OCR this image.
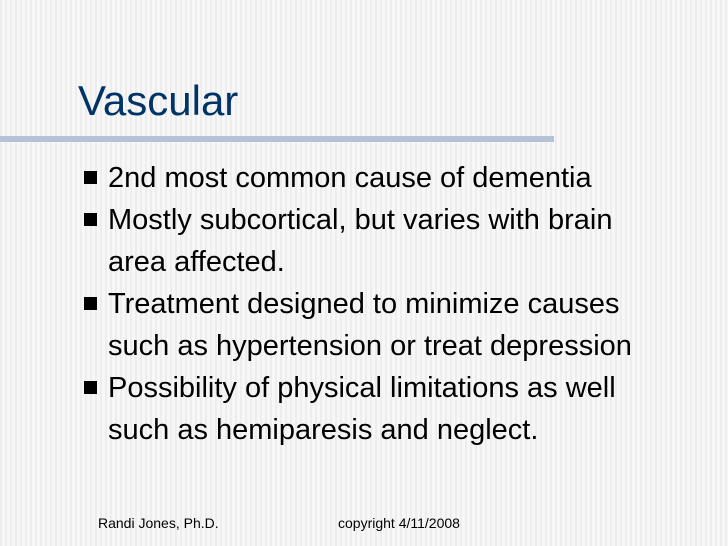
Vascular
2nd most common cause of dementia
Mostly subcortical, but varies with brain
area affected.
Treatment designed to minimize causes
such as hypertension or treat depression
Possibility of physical limitations as well
such as hemiparesis and neglect.
Randi Jones, Ph.D.	copyright 4/11/2008
